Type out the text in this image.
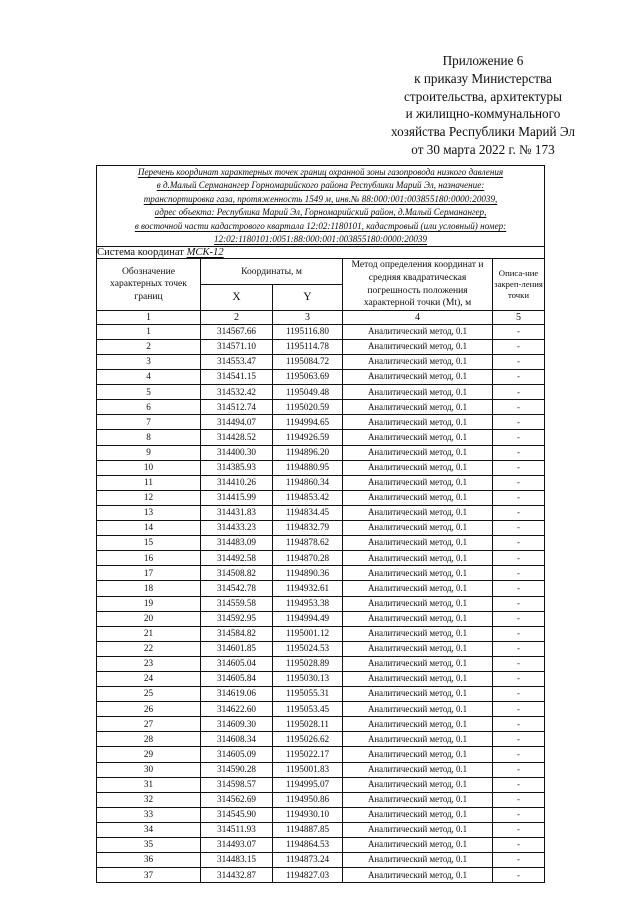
Приложение 6
к приказу Министерства
строительства, архитектуры
и жилищно-коммунального
хозяйства Республики Марий Эл
от 30 марта 2022 г. № 173
Перечень координат характерных точек границ охранной зоны газопровода низкого давления
в д.Малый Серманангер Горномарийского района Республики Марий Эл, назначение:
транспортировка газа, протяженность 1549 м, инв.№ 88:000:001:003855180:0000:20039,
адрес объекта: Республика Марий Эл, Горномарийский район, д.Малый Серманангер,
в восточной части кадастрового квартала 12:02:1180101, кадастровый (или условный) номер:
12:02:1180101:0051:88:000:001:003855180:0000:20039

Система координат МСК-12				
Обозначение характерных точек границ	Координаты, м		Метод определения координат и средняя квадратическая погрешность положения характерной точки (Mt), м	Описа-ние закреп-ления точки
	X	Y		
1	2	3	4	5
1	314567.66	1195116.80	Аналитический метод, 0.1	-
2	314571.10	1195114.78	Аналитический метод, 0.1	-
3	314553.47	1195084.72	Аналитический метод, 0.1	-
4	314541.15	1195063.69	Аналитический метод, 0.1	-
5	314532.42	1195049.48	Аналитический метод, 0.1	-
6	314512.74	1195020.59	Аналитический метод, 0.1	-
7	314494.07	1194994.65	Аналитический метод, 0.1	-
8	314428.52	1194926.59	Аналитический метод, 0.1	-
9	314400.30	1194896.20	Аналитический метод, 0.1	-
10	314385.93	1194880.95	Аналитический метод, 0.1	-
11	314410.26	1194860.34	Аналитический метод, 0.1	-
12	314415.99	1194853.42	Аналитический метод, 0.1	-
13	314431.83	1194834.45	Аналитический метод, 0.1	-
14	314433.23	1194832.79	Аналитический метод, 0.1	-
15	314483.09	1194878.62	Аналитический метод, 0.1	-
16	314492.58	1194870.28	Аналитический метод, 0.1	-
17	314508.82	1194890.36	Аналитический метод, 0.1	-
18	314542.78	1194932.61	Аналитический метод, 0.1	-
19	314559.58	1194953.38	Аналитический метод, 0.1	-
20	314592.95	1194994.49	Аналитический метод, 0.1	-
21	314584.82	1195001.12	Аналитический метод, 0.1	-
22	314601.85	1195024.53	Аналитический метод, 0.1	-
23	314605.04	1195028.89	Аналитический метод, 0.1	-
24	314605.84	1195030.13	Аналитический метод, 0.1	-
25	314619.06	1195055.31	Аналитический метод, 0.1	-
26	314622.60	1195053.45	Аналитический метод, 0.1	-
27	314609.30	1195028.11	Аналитический метод, 0.1	-
28	314608.34	1195026.62	Аналитический метод, 0.1	-
29	314605.09	1195022.17	Аналитический метод, 0.1	-
30	314590.28	1195001.83	Аналитический метод, 0.1	-
31	314598.57	1194995.07	Аналитический метод, 0.1	-
32	314562.69	1194950.86	Аналитический метод, 0.1	-
33	314545.90	1194930.10	Аналитический метод, 0.1	-
34	314511.93	1194887.85	Аналитический метод, 0.1	-
35	314493.07	1194864.53	Аналитический метод, 0.1	-
36	314483.15	1194873.24	Аналитический метод, 0.1	-
37	314432.87	1194827.03	Аналитический метод, 0.1	-
